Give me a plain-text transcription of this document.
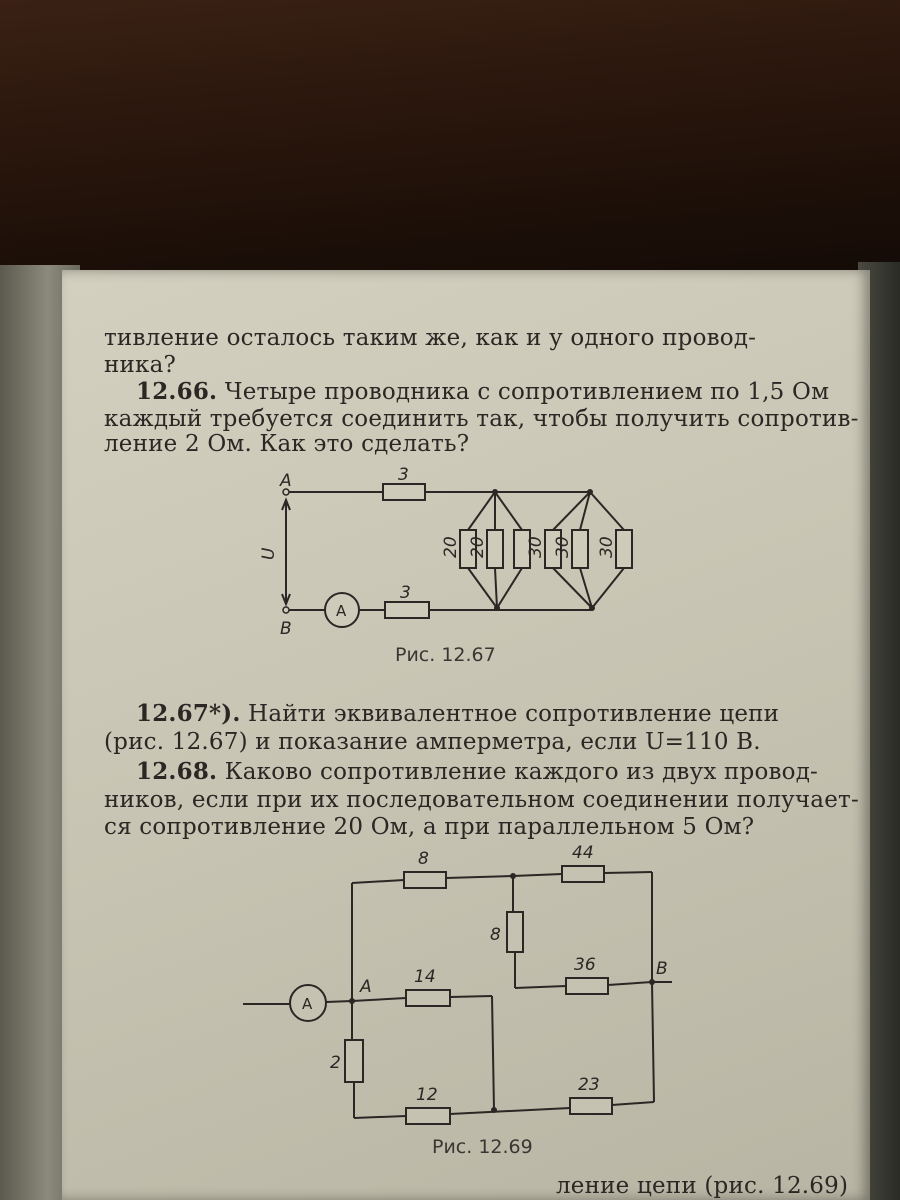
тивление осталось таким же, как и у одного провод-
ника?
12.66. Четыре проводника с сопротивлением по 1,5 Ом
каждый требуется соединить так, чтобы получить сопротив-
ление 2 Ом. Как это сделать?
A
B
U
A
3
3
20 20 30 30 30
Рис. 12.67
12.67*). Найти эквивалентное сопротивление цепи
(рис. 12.67) и показание амперметра, если U=110 В.
12.68. Каково сопротивление каждого из двух провод-
ников, если при их последовательном соединении получает-
ся сопротивление 20 Ом, а при параллельном 5 Ом?
A
A
B
8	44
8
36
14
2
12	23
Рис. 12.69
ление цепи (рис. 12.69)
